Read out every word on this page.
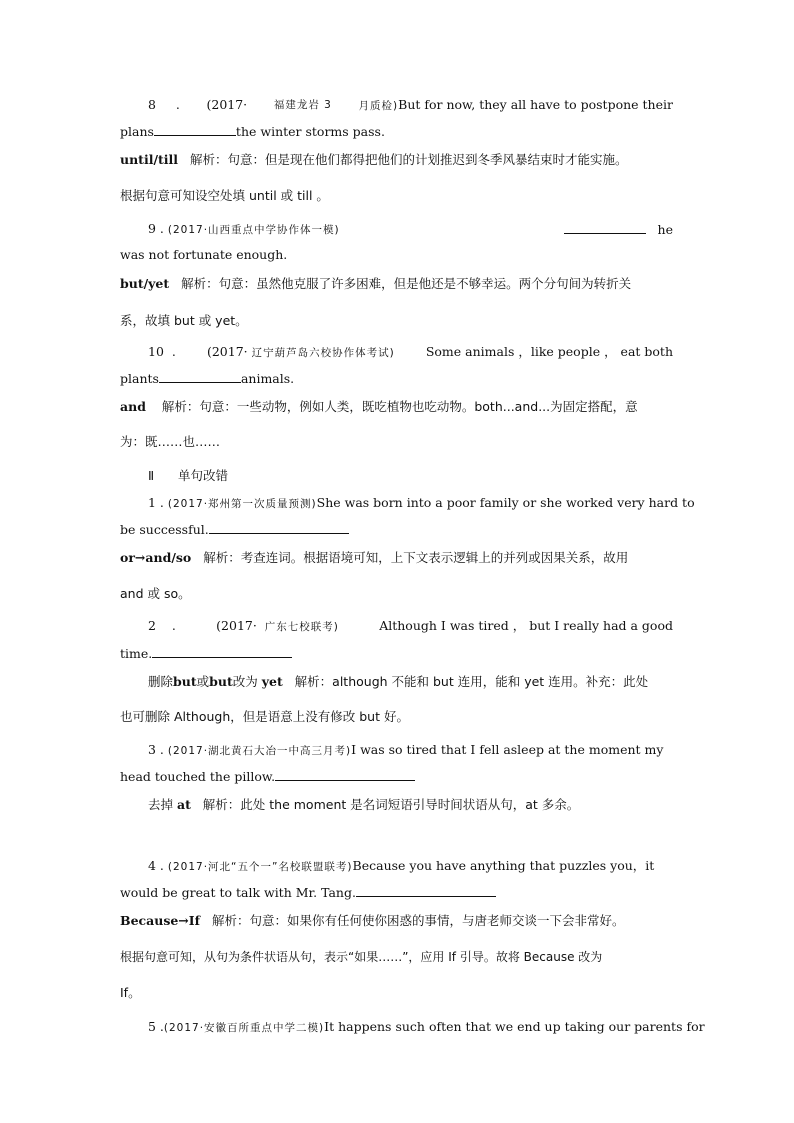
8 . (2017·	福建龙岩 3	月质检)But for now, they all have to postpone their
plans	the winter storms pass.
until/till 解析：句意：但是现在他们都得把他们的计划推迟到冬季风暴结束时才能实施。
根据句意可知设空处填 until 或 till 。
9 . (2017·山西重点中学协作体一模)	he
was not fortunate enough.
but/yet 解析：句意：虽然他克服了许多困难，但是他还是不够幸运。两个分句间为转折关
系，故填 but 或 yet。
10 . (2017· 辽宁葫芦岛六校协作体考试) Some animals ，like people ， eat both
plants	animals.
and 解析：句意：一些动物，例如人类，既吃植物也吃动物。both...and...为固定搭配，意
为：既……也……
Ⅱ 单句改错
1 . (2017·郑州第一次质量预测)She was born into a poor family or she worked very hard to
be successful.
or→and/so 解析：考查连词。根据语境可知，上下文表示逻辑上的并列或因果关系，故用
and 或 so。
2 .	(2017· 广东七校联考)	Although I was tired ， but I really had a good
time.
删除but或but改为 yet 解析：although 不能和 but 连用，能和 yet 连用。补充：此处
也可删除 Although，但是语意上没有修改 but 好。
3 . (2017·湖北黄石大冶一中高三月考)I was so tired that I fell asleep at the moment my
head touched the pillow.
去掉 at 解析：此处 the moment 是名词短语引导时间状语从句，at 多余。
4 . (2017·河北“五个一”名校联盟联考)Because you have anything that puzzles you，it
would be great to talk with Mr. Tang.
Because→If 解析：句意：如果你有任何使你困惑的事情，与唐老师交谈一下会非常好。
根据句意可知，从句为条件状语从句，表示“如果……”，应用 If 引导。故将 Because 改为
If。
5 .(2017·安徽百所重点中学二模)It happens such often that we end up taking our parents for
